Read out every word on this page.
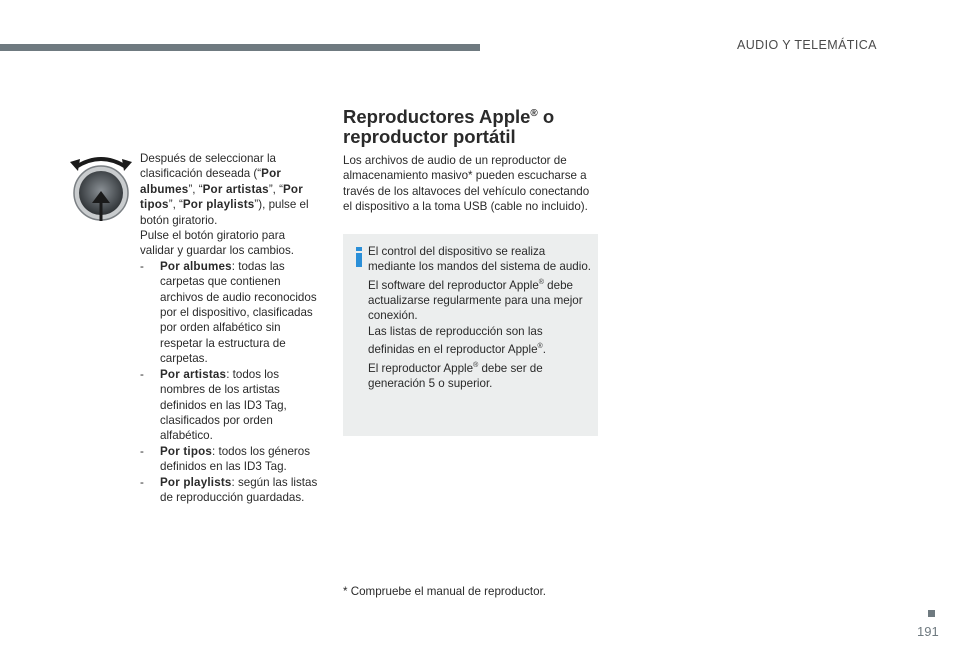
AUDIO Y TELEMÁTICA

Después de seleccionar la clasificación deseada (“Por albumes”, “Por artistas”, “Por tipos”, “Por playlists”), pulse el botón giratorio.

Pulse el botón giratorio para validar y guardar los cambios.

- Por albumes: todas las carpetas que contienen archivos de audio reconocidos por el dispositivo, clasificadas por orden alfabético sin respetar la estructura de carpetas.
- Por artistas: todos los nombres de los artistas definidos en las ID3 Tag, clasificados por orden alfabético.
- Por tipos: todos los géneros definidos en las ID3 Tag.
- Por playlists: según las listas de reproducción guardadas.
Reproductores Apple® o reproductor portátil

Los archivos de audio de un reproductor de almacenamiento masivo* pueden escucharse a través de los altavoces del vehículo conectando el dispositivo a la toma USB (cable no incluido).

El control del dispositivo se realiza mediante los mandos del sistema de audio.

El software del reproductor Apple® debe actualizarse regularmente para una mejor conexión.

Las listas de reproducción son las definidas en el reproductor Apple®.

El reproductor Apple® debe ser de generación 5 o superior.

* Compruebe el manual de reproductor.
191
